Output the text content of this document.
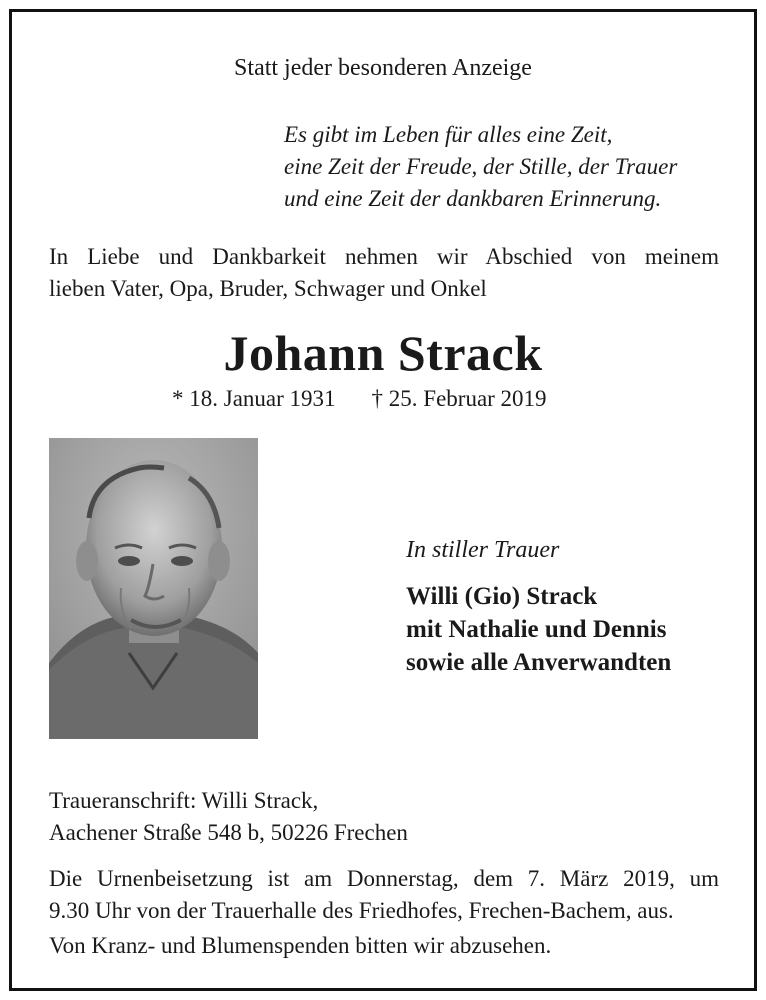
Statt jeder besonderen Anzeige
Es gibt im Leben für alles eine Zeit,
eine Zeit der Freude, der Stille, der Trauer
und eine Zeit der dankbaren Erinnerung.
In Liebe und Dankbarkeit nehmen wir Abschied von meinem
lieben Vater, Opa, Bruder, Schwager und Onkel
Johann Strack
* 18. Januar 1931 † 25. Februar 2019
In stiller Trauer
Willi (Gio) Strack
mit Nathalie und Dennis
sowie alle Anverwandten
Traueranschrift: Willi Strack,
Aachener Straße 548 b, 50226 Frechen
Die Urnenbeisetzung ist am Donnerstag, dem 7. März 2019, um
9.30 Uhr von der Trauerhalle des Friedhofes, Frechen-Bachem, aus.
Von Kranz- und Blumenspenden bitten wir abzusehen.
